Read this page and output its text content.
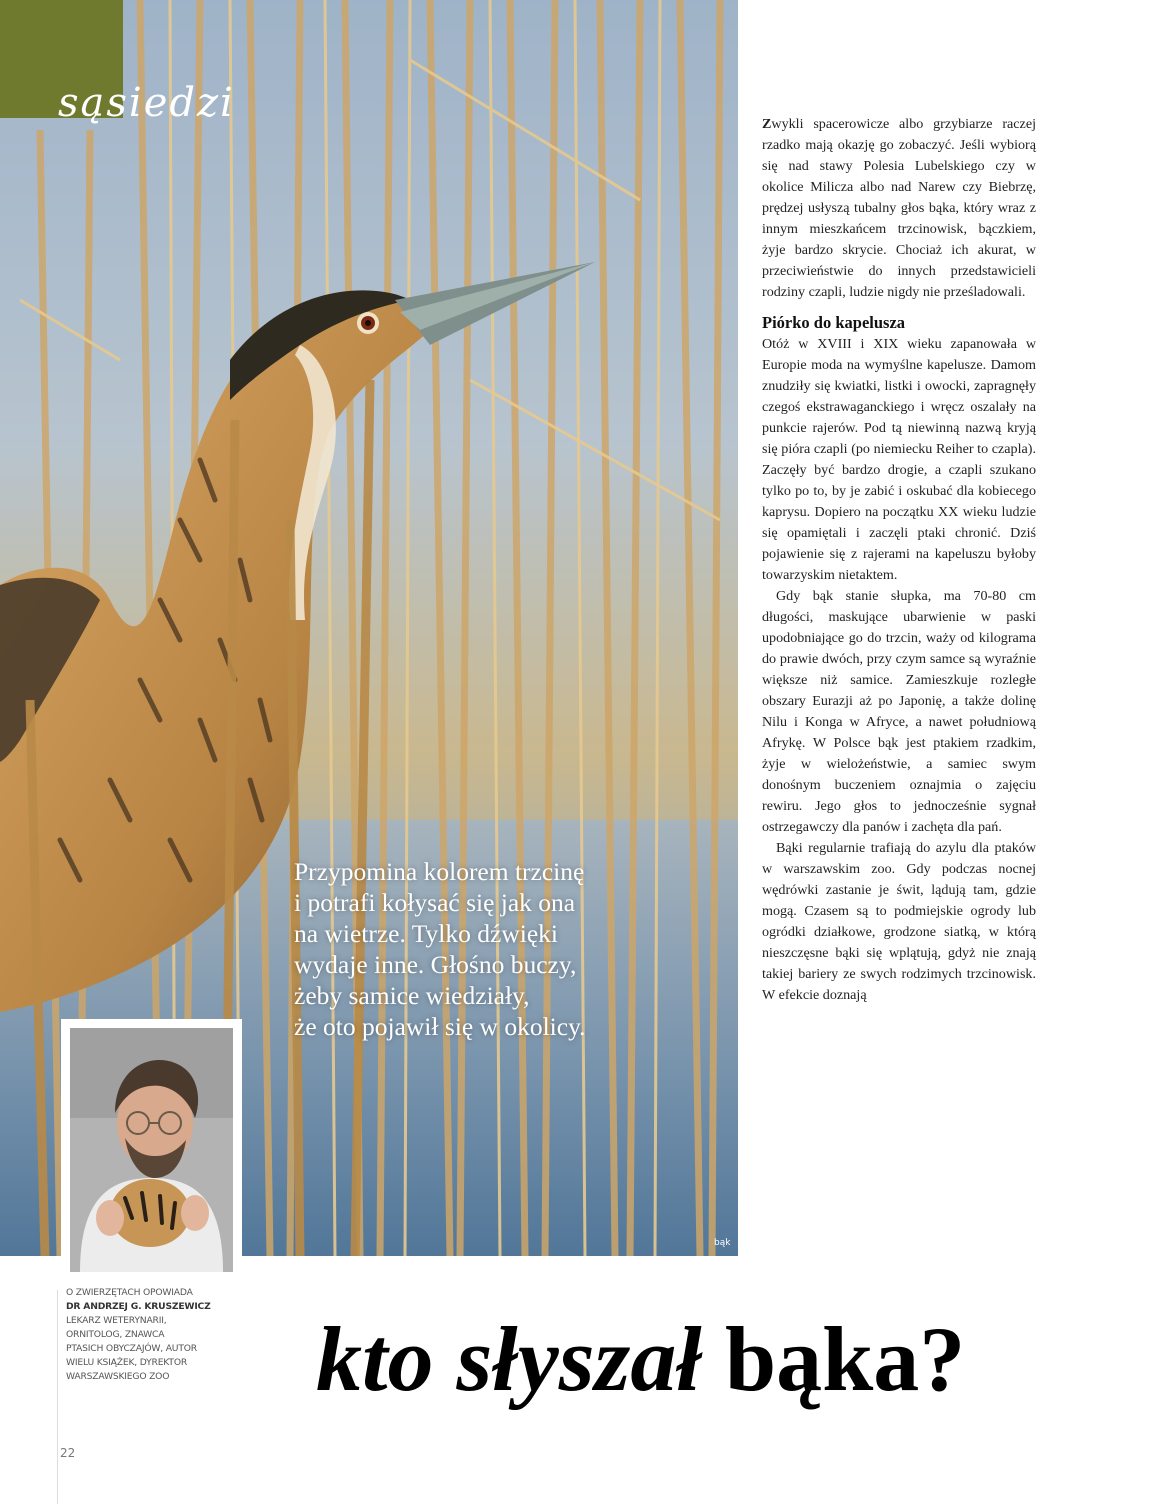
sąsiedzi

Przypomina kolorem trzcinę
i potrafi kołysać się jak ona
na wietrze. Tylko dźwięki
wydaje inne. Głośno buczy,
żeby samice wiedziały,
że oto pojawił się w okolicy.

bąk
O ZWIERZĘTACH OPOWIADA
DR ANDRZEJ G. KRUSZEWICZ
LEKARZ WETERYNARII,
ORNITOLOG, ZNAWCA
PTASICH OBYCZAJÓW, AUTOR
WIELU KSIĄŻEK, DYREKTOR
WARSZAWSKIEGO ZOO

Zwykli spacerowicze albo grzybiarze raczej rzadko mają okazję go zobaczyć. Jeśli wybiorą się nad stawy Polesia Lubelskiego czy w okolice Milicza albo nad Narew czy Biebrzę, prędzej usłyszą tubalny głos bąka, który wraz z innym mieszkańcem trzcinowisk, bączkiem, żyje bardzo skrycie. Chociaż ich akurat, w przeciwieństwie do innych przedstawicieli rodziny czapli, ludzie nigdy nie prześladowali.

Piórko do kapelusza

Otóż w XVIII i XIX wieku zapanowała w Europie moda na wymyślne kapelusze. Damom znudziły się kwiatki, listki i owocki, zapragnęły czegoś ekstrawaganckiego i wręcz oszalały na punkcie rajerów. Pod tą niewinną nazwą kryją się pióra czapli (po niemiecku Reiher to czapla). Zaczęły być bardzo drogie, a czapli szukano tylko po to, by je zabić i oskubać dla kobiecego kaprysu. Dopiero na początku XX wieku ludzie się opamiętali i zaczęli ptaki chronić. Dziś pojawienie się z rajerami na kapeluszu byłoby towarzyskim nietaktem.

Gdy bąk stanie słupka, ma 70-80 cm długości, maskujące ubarwienie w paski upodobniające go do trzcin, waży od kilograma do prawie dwóch, przy czym samce są wyraźnie większe niż samice. Zamieszkuje rozległe obszary Eurazji aż po Japonię, a także dolinę Nilu i Konga w Afryce, a nawet południową Afrykę. W Polsce bąk jest ptakiem rzadkim, żyje w wielożeństwie, a samiec swym donośnym buczeniem oznajmia o zajęciu rewiru. Jego głos to jednocześnie sygnał ostrzegawczy dla panów i zachęta dla pań.

Bąki regularnie trafiają do azylu dla ptaków w warszawskim zoo. Gdy podczas nocnej wędrówki zastanie je świt, lądują tam, gdzie mogą. Czasem są to podmiejskie ogrody lub ogródki działkowe, grodzone siatką, w którą nieszczęsne bąki się wplątują, gdyż nie znają takiej bariery ze swych rodzimych trzcinowisk. W efekcie doznają

kto słyszał bąka?
22
